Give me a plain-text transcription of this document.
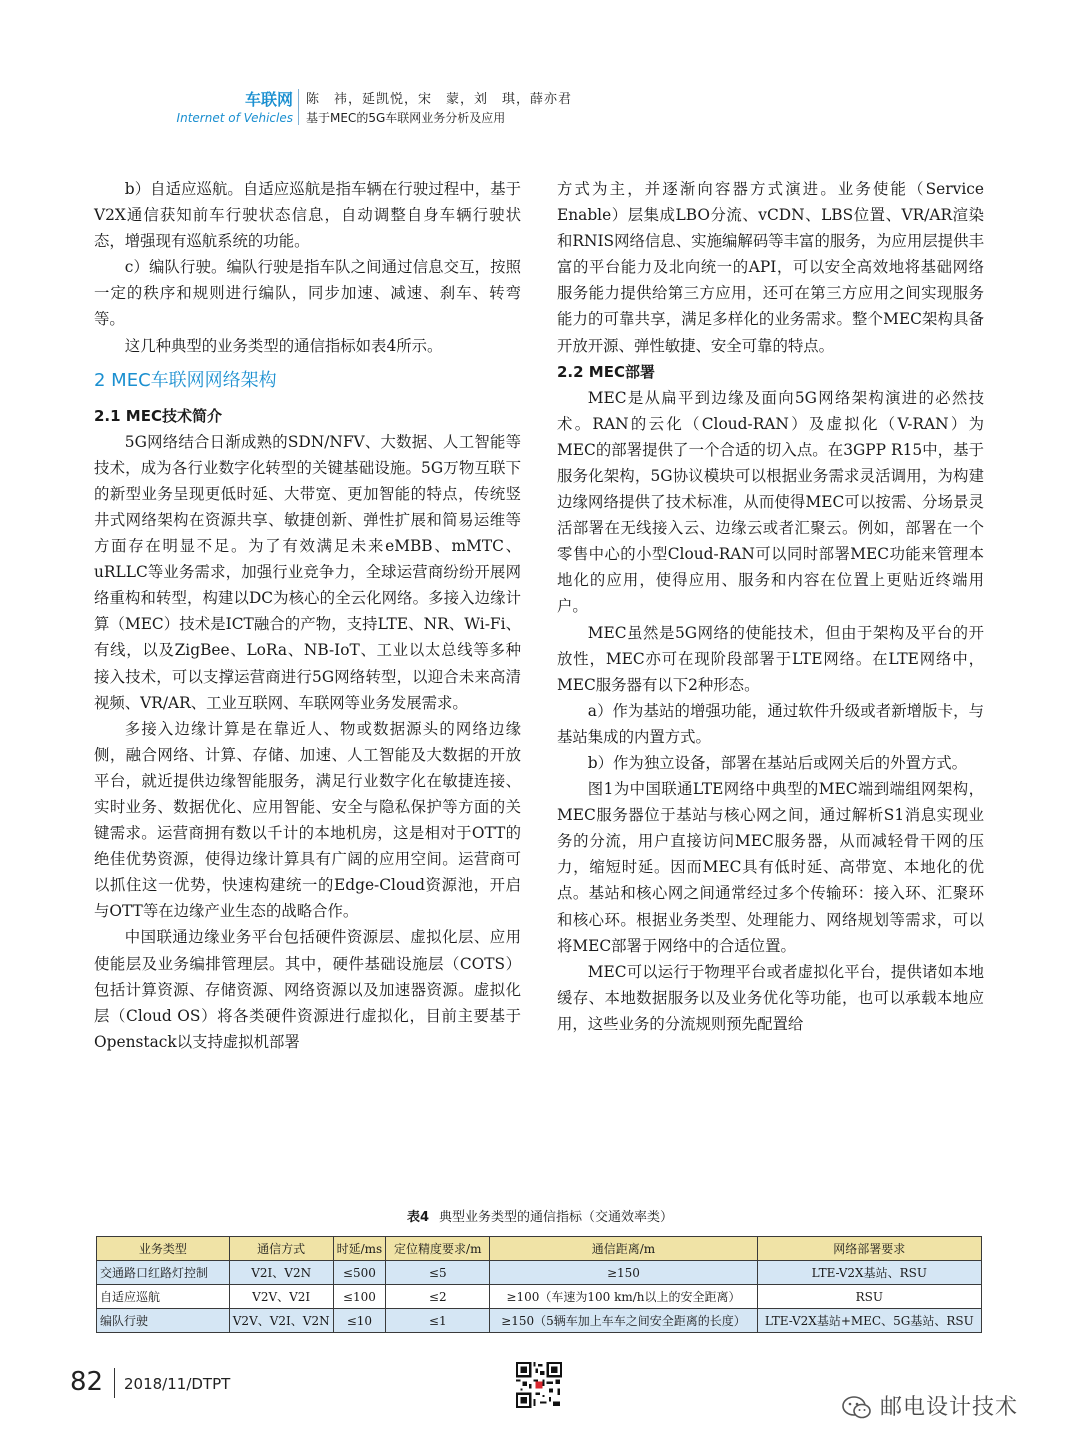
车联网
Internet of Vehicles
陈　祎，延凯悦，宋　蒙，刘　琪，薛亦君
基于MEC的5G车联网业务分析及应用

b）自适应巡航。自适应巡航是指车辆在行驶过程中，基于V2X通信获知前车行驶状态信息，自动调整自身车辆行驶状态，增强现有巡航系统的功能。

c）编队行驶。编队行驶是指车队之间通过信息交互，按照一定的秩序和规则进行编队，同步加速、减速、刹车、转弯等。

这几种典型的业务类型的通信指标如表4所示。

2 MEC车联网网络架构

2.1 MEC技术简介

5G网络结合日渐成熟的SDN/NFV、大数据、人工智能等技术，成为各行业数字化转型的关键基础设施。5G万物互联下的新型业务呈现更低时延、大带宽、更加智能的特点，传统竖井式网络架构在资源共享、敏捷创新、弹性扩展和简易运维等方面存在明显不足。为了有效满足未来eMBB、mMTC、uRLLC等业务需求，加强行业竞争力，全球运营商纷纷开展网络重构和转型，构建以DC为核心的全云化网络。多接入边缘计算（MEC）技术是ICT融合的产物，支持LTE、NR、Wi-Fi、有线，以及ZigBee、LoRa、NB-IoT、工业以太总线等多种接入技术，可以支撑运营商进行5G网络转型，以迎合未来高清视频、VR/AR、工业互联网、车联网等业务发展需求。

多接入边缘计算是在靠近人、物或数据源头的网络边缘侧，融合网络、计算、存储、加速、人工智能及大数据的开放平台，就近提供边缘智能服务，满足行业数字化在敏捷连接、实时业务、数据优化、应用智能、安全与隐私保护等方面的关键需求。运营商拥有数以千计的本地机房，这是相对于OTT的绝佳优势资源，使得边缘计算具有广阔的应用空间。运营商可以抓住这一优势，快速构建统一的Edge-Cloud资源池，开启与OTT等在边缘产业生态的战略合作。

中国联通边缘业务平台包括硬件资源层、虚拟化层、应用使能层及业务编排管理层。其中，硬件基础设施层（COTS）包括计算资源、存储资源、网络资源以及加速器资源。虚拟化层（Cloud OS）将各类硬件资源进行虚拟化，目前主要基于Openstack以支持虚拟机部署

方式为主，并逐渐向容器方式演进。业务使能（Service Enable）层集成LBO分流、vCDN、LBS位置、VR/AR渲染和RNIS网络信息、实施编解码等丰富的服务，为应用层提供丰富的平台能力及北向统一的API，可以安全高效地将基础网络服务能力提供给第三方应用，还可在第三方应用之间实现服务能力的可靠共享，满足多样化的业务需求。整个MEC架构具备开放开源、弹性敏捷、安全可靠的特点。

2.2 MEC部署

MEC是从扁平到边缘及面向5G网络架构演进的必然技术。RAN的云化（Cloud-RAN）及虚拟化（V-RAN）为MEC的部署提供了一个合适的切入点。在3GPP R15中，基于服务化架构，5G协议模块可以根据业务需求灵活调用，为构建边缘网络提供了技术标准，从而使得MEC可以按需、分场景灵活部署在无线接入云、边缘云或者汇聚云。例如，部署在一个零售中心的小型Cloud-RAN可以同时部署MEC功能来管理本地化的应用，使得应用、服务和内容在位置上更贴近终端用户。

MEC虽然是5G网络的使能技术，但由于架构及平台的开放性，MEC亦可在现阶段部署于LTE网络。在LTE网络中，MEC服务器有以下2种形态。

a）作为基站的增强功能，通过软件升级或者新增版卡，与基站集成的内置方式。

b）作为独立设备，部署在基站后或网关后的外置方式。

图1为中国联通LTE网络中典型的MEC端到端组网架构，MEC服务器位于基站与核心网之间，通过解析S1消息实现业务的分流，用户直接访问MEC服务器，从而减轻骨干网的压力，缩短时延。因而MEC具有低时延、高带宽、本地化的优点。基站和核心网之间通常经过多个传输环：接入环、汇聚环和核心环。根据业务类型、处理能力、网络规划等需求，可以将MEC部署于网络中的合适位置。

MEC可以运行于物理平台或者虚拟化平台，提供诸如本地缓存、本地数据服务以及业务优化等功能，也可以承载本地应用，这些业务的分流规则预先配置给

表4 典型业务类型的通信指标（交通效率类）
业务类型	通信方式	时延/ms	定位精度要求/m	通信距离/m	网络部署要求
交通路口红路灯控制	V2I、V2N	≤500	≤5	≥150	LTE-V2X基站、RSU
自适应巡航	V2V、V2I	≤100	≤2	≥100（车速为100 km/h以上的安全距离）	RSU
编队行驶	V2V、V2I、V2N	≤10	≤1	≥150（5辆车加上车车之间安全距离的长度）	LTE-V2X基站+MEC、5G基站、RSU
82 2018/11/DTPT
邮电设计技术
